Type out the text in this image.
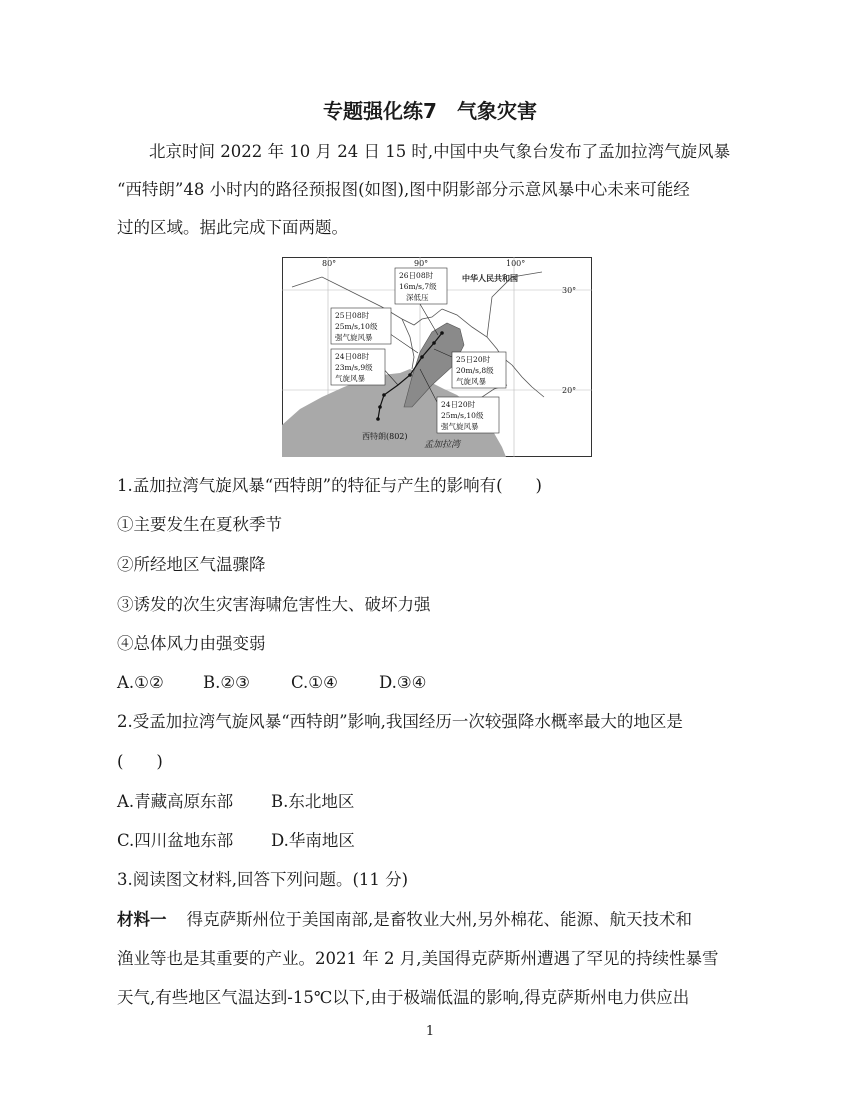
专题强化练7　气象灾害
北京时间 2022 年 10 月 24 日 15 时,中国中央气象台发布了孟加拉湾气旋风暴
“西特朗”48 小时内的路径预报图(如图),图中阴影部分示意风暴中心未来可能经
过的区域。据此完成下面两题。
80°	90°	100°
30°
20°
中华人民共和国
孟加拉湾
西特朗(802)
26日08时
16m/s,7级
深低压
25日08时
25m/s,10级
强气旋风暴
24日08时
23m/s,9级
气旋风暴
25日20时
20m/s,8级
气旋风暴
24日20时
25m/s,10级
强气旋风暴
1.孟加拉湾气旋风暴“西特朗”的特征与产生的影响有(　　)
①主要发生在夏秋季节
②所经地区气温骤降
③诱发的次生灾害海啸危害性大、破坏力强
④总体风力由强变弱
A.①② B.②③ C.①④ D.③④
2.受孟加拉湾气旋风暴“西特朗”影响,我国经历一次较强降水概率最大的地区是
(　　)
A.青藏高原东部 B.东北地区
C.四川盆地东部 D.华南地区
3.阅读图文材料,回答下列问题。(11 分)
材料一 得克萨斯州位于美国南部,是畜牧业大州,另外棉花、能源、航天技术和
渔业等也是其重要的产业。2021 年 2 月,美国得克萨斯州遭遇了罕见的持续性暴雪
天气,有些地区气温达到-15℃以下,由于极端低温的影响,得克萨斯州电力供应出
1
